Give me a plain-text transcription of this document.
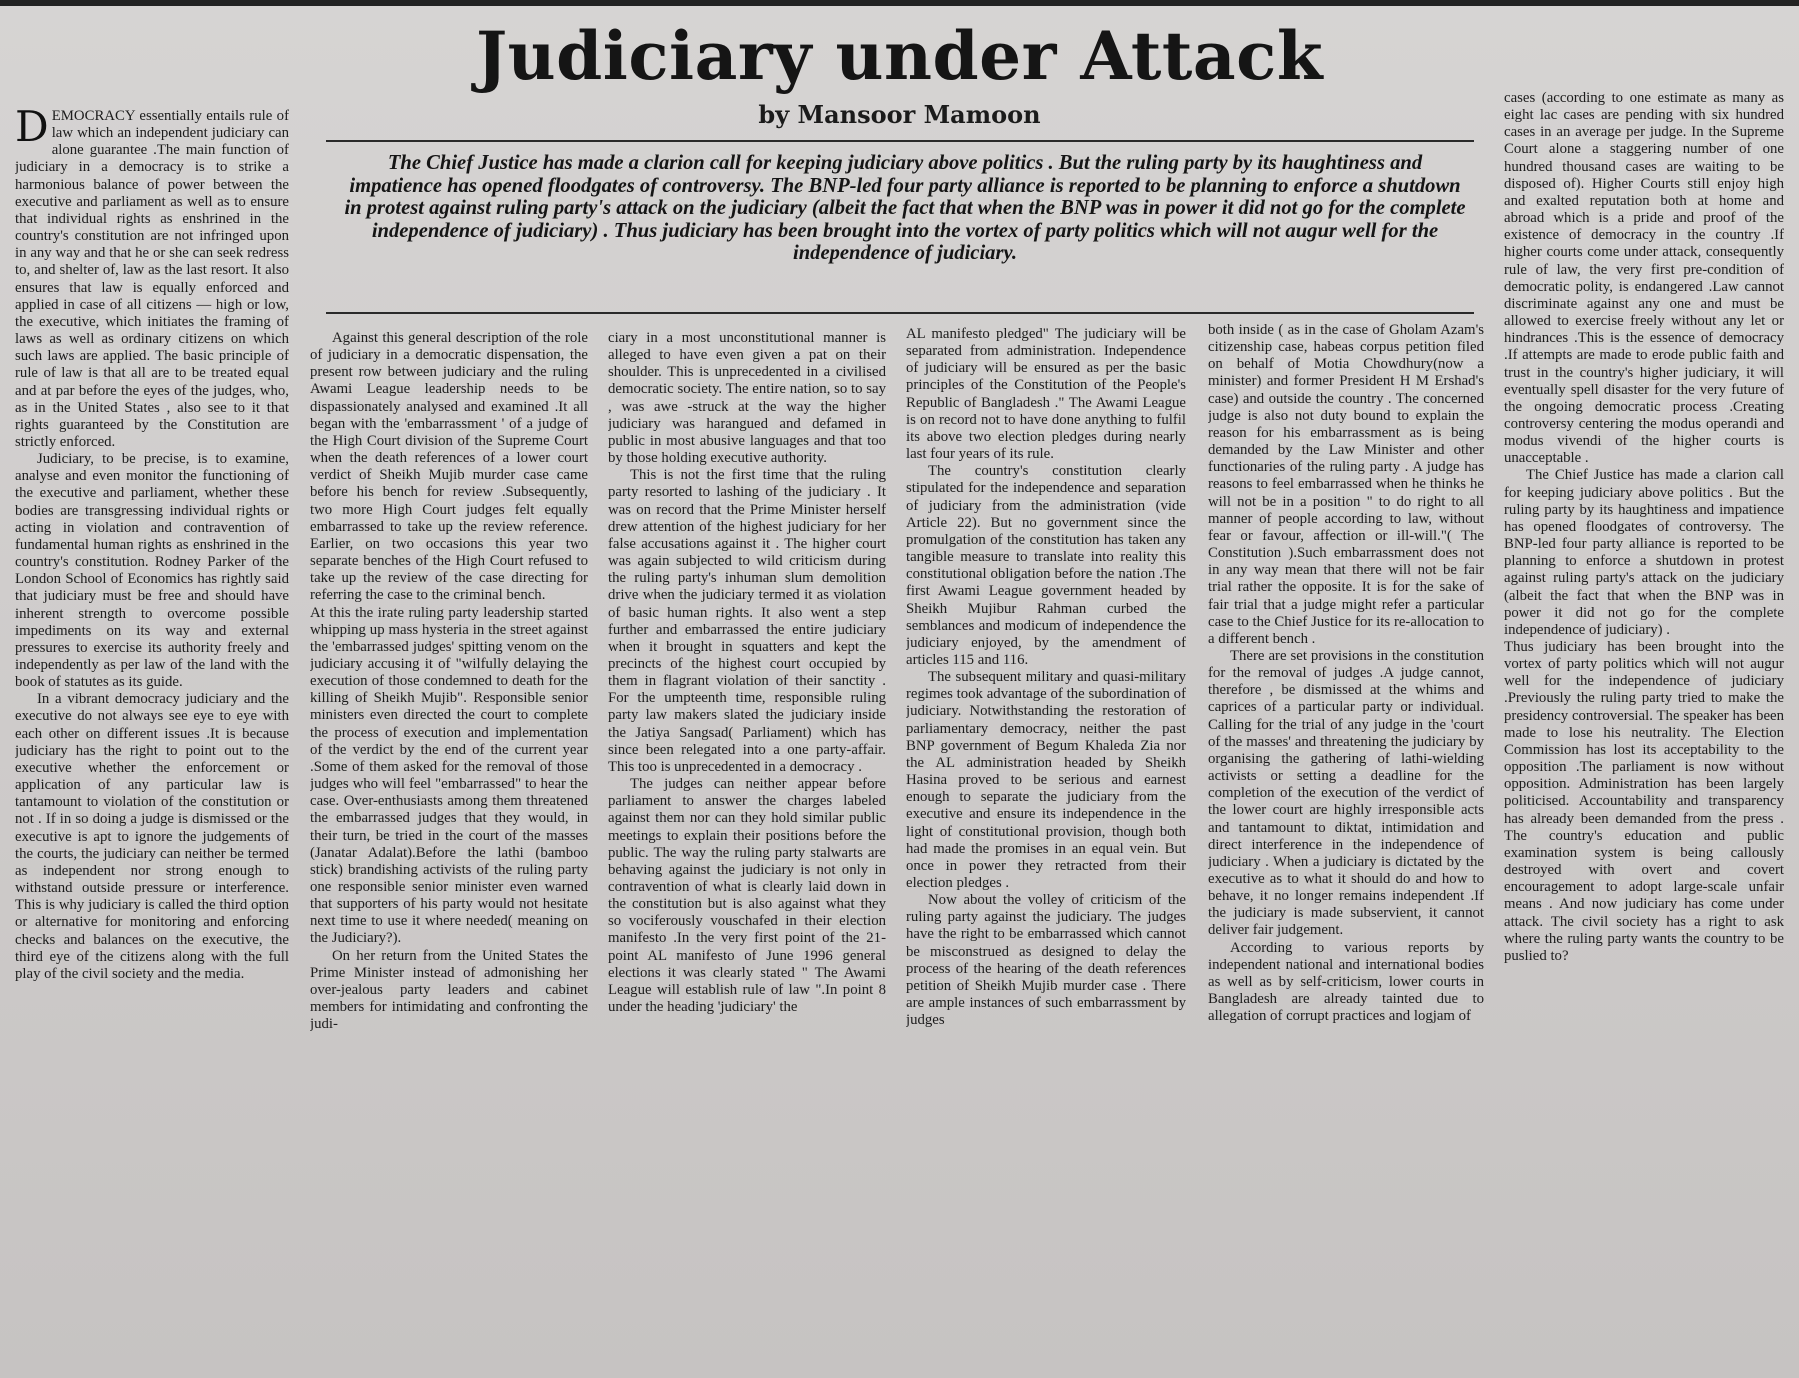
Judiciary under Attack
by Mansoor Mamoon
The Chief Justice has made a clarion call for keeping judiciary above politics . But the ruling party by its haughtiness and impatience has opened floodgates of controversy. The BNP-led four party alliance is reported to be planning to enforce a shutdown in protest against ruling party's attack on the judiciary (albeit the fact that when the BNP was in power it did not go for the complete independence of judiciary) . Thus judiciary has been brought into the vortex of party politics which will not augur well for the independence of judiciary.

DEMOCRACY essentially entails rule of law which an independent judiciary can alone guarantee .The main function of judiciary in a democracy is to strike a harmonious balance of power between the executive and parliament as well as to ensure that individual rights as enshrined in the country's constitution are not infringed upon in any way and that he or she can seek redress to, and shelter of, law as the last resort. It also ensures that law is equally enforced and applied in case of all citizens — high or low, the executive, which initiates the framing of laws as well as ordinary citizens on which such laws are applied. The basic principle of rule of law is that all are to be treated equal and at par before the eyes of the judges, who, as in the United States , also see to it that rights guaranteed by the Constitution are strictly enforced.

Judiciary, to be precise, is to examine, analyse and even monitor the functioning of the executive and parliament, whether these bodies are transgressing individual rights or acting in violation and contravention of fundamental human rights as enshrined in the country's constitution. Rodney Parker of the London School of Economics has rightly said that judiciary must be free and should have inherent strength to overcome possible impediments on its way and external pressures to exercise its authority freely and independently as per law of the land with the book of statutes as its guide.

In a vibrant democracy judiciary and the executive do not always see eye to eye with each other on different issues .It is because judiciary has the right to point out to the executive whether the enforcement or application of any particular law is tantamount to violation of the constitution or not . If in so doing a judge is dismissed or the executive is apt to ignore the judgements of the courts, the judiciary can neither be termed as independent nor strong enough to withstand outside pressure or interference. This is why judiciary is called the third option or alternative for monitoring and enforcing checks and balances on the executive, the third eye of the citizens along with the full play of the civil society and the media.

Against this general description of the role of judiciary in a democratic dispensation, the present row between judiciary and the ruling Awami League leadership needs to be dispassionately analysed and examined .It all began with the 'embarrassment ' of a judge of the High Court division of the Supreme Court when the death references of a lower court verdict of Sheikh Mujib murder case came before his bench for review .Subsequently, two more High Court judges felt equally embarrassed to take up the review reference. Earlier, on two occasions this year two separate benches of the High Court refused to take up the review of the case directing for referring the case to the criminal bench.

At this the irate ruling party leadership started whipping up mass hysteria in the street against the 'embarrassed judges' spitting venom on the judiciary accusing it of "wilfully delaying the execution of those condemned to death for the killing of Sheikh Mujib". Responsible senior ministers even directed the court to complete the process of execution and implementation of the verdict by the end of the current year .Some of them asked for the removal of those judges who will feel "embarrassed" to hear the case. Over-enthusiasts among them threatened the embarrassed judges that they would, in their turn, be tried in the court of the masses (Janatar Adalat).Before the lathi (bamboo stick) brandishing activists of the ruling party one responsible senior minister even warned that supporters of his party would not hesitate next time to use it where needed( meaning on the Judiciary?).

On her return from the United States the Prime Minister instead of admonishing her over-jealous party leaders and cabinet members for intimidating and confronting the judi-

ciary in a most unconstitutional manner is alleged to have even given a pat on their shoulder. This is unprecedented in a civilised democratic society. The entire nation, so to say , was awe -struck at the way the higher judiciary was harangued and defamed in public in most abusive languages and that too by those holding executive authority.

This is not the first time that the ruling party resorted to lashing of the judiciary . It was on record that the Prime Minister herself drew attention of the highest judiciary for her false accusations against it . The higher court was again subjected to wild criticism during the ruling party's inhuman slum demolition drive when the judiciary termed it as violation of basic human rights. It also went a step further and embarrassed the entire judiciary when it brought in squatters and kept the precincts of the highest court occupied by them in flagrant violation of their sanctity . For the umpteenth time, responsible ruling party law makers slated the judiciary inside the Jatiya Sangsad( Parliament) which has since been relegated into a one party-affair. This too is unprecedented in a democracy .

The judges can neither appear before parliament to answer the charges labeled against them nor can they hold similar public meetings to explain their positions before the public. The way the ruling party stalwarts are behaving against the judiciary is not only in contravention of what is clearly laid down in the constitution but is also against what they so vociferously vouschafed in their election manifesto .In the very first point of the 21-point AL manifesto of June 1996 general elections it was clearly stated " The Awami League will establish rule of law ".In point 8 under the heading 'judiciary' the

AL manifesto pledged" The judiciary will be separated from administration. Independence of judiciary will be ensured as per the basic principles of the Constitution of the People's Republic of Bangladesh ." The Awami League is on record not to have done anything to fulfil its above two election pledges during nearly last four years of its rule.

The country's constitution clearly stipulated for the independence and separation of judiciary from the administration (vide Article 22). But no government since the promulgation of the constitution has taken any tangible measure to translate into reality this constitutional obligation before the nation .The first Awami League government headed by Sheikh Mujibur Rahman curbed the semblances and modicum of independence the judiciary enjoyed, by the amendment of articles 115 and 116.

The subsequent military and quasi-military regimes took advantage of the subordination of judiciary. Notwithstanding the restoration of parliamentary democracy, neither the past BNP government of Begum Khaleda Zia nor the AL administration headed by Sheikh Hasina proved to be serious and earnest enough to separate the judiciary from the executive and ensure its independence in the light of constitutional provision, though both had made the promises in an equal vein. But once in power they retracted from their election pledges .

Now about the volley of criticism of the ruling party against the judiciary. The judges have the right to be embarrassed which cannot be misconstrued as designed to delay the process of the hearing of the death references petition of Sheikh Mujib murder case . There are ample instances of such embarrassment by judges

both inside ( as in the case of Gholam Azam's citizenship case, habeas corpus petition filed on behalf of Motia Chowdhury(now a minister) and former President H M Ershad's case) and outside the country . The concerned judge is also not duty bound to explain the reason for his embarrassment as is being demanded by the Law Minister and other functionaries of the ruling party . A judge has reasons to feel embarrassed when he thinks he will not be in a position " to do right to all manner of people according to law, without fear or favour, affection or ill-will."( The Constitution ).Such embarrassment does not in any way mean that there will not be fair trial rather the opposite. It is for the sake of fair trial that a judge might refer a particular case to the Chief Justice for its re-allocation to a different bench .

There are set provisions in the constitution for the removal of judges .A judge cannot, therefore , be dismissed at the whims and caprices of a particular party or individual. Calling for the trial of any judge in the 'court of the masses' and threatening the judiciary by organising the gathering of lathi-wielding activists or setting a deadline for the completion of the execution of the verdict of the lower court are highly irresponsible acts and tantamount to diktat, intimidation and direct interference in the independence of judiciary . When a judiciary is dictated by the executive as to what it should do and how to behave, it no longer remains independent .If the judiciary is made subservient, it cannot deliver fair judgement.

According to various reports by independent national and international bodies as well as by self-criticism, lower courts in Bangladesh are already tainted due to allegation of corrupt practices and logjam of

cases (according to one estimate as many as eight lac cases are pending with six hundred cases in an average per judge. In the Supreme Court alone a staggering number of one hundred thousand cases are waiting to be disposed of). Higher Courts still enjoy high and exalted reputation both at home and abroad which is a pride and proof of the existence of democracy in the country .If higher courts come under attack, consequently rule of law, the very first pre-condition of democratic polity, is endangered .Law cannot discriminate against any one and must be allowed to exercise freely without any let or hindrances .This is the essence of democracy .If attempts are made to erode public faith and trust in the country's higher judiciary, it will eventually spell disaster for the very future of the ongoing democratic process .Creating controversy centering the modus operandi and modus vivendi of the higher courts is unacceptable .

The Chief Justice has made a clarion call for keeping judiciary above politics . But the ruling party by its haughtiness and impatience has opened floodgates of controversy. The BNP-led four party alliance is reported to be planning to enforce a shutdown in protest against ruling party's attack on the judiciary (albeit the fact that when the BNP was in power it did not go for the complete independence of judiciary) .

Thus judiciary has been brought into the vortex of party politics which will not augur well for the independence of judiciary .Previously the ruling party tried to make the presidency controversial. The speaker has been made to lose his neutrality. The Election Commission has lost its acceptability to the opposition .The parliament is now without opposition. Administration has been largely politicised. Accountability and transparency has already been demanded from the press . The country's education and public examination system is being callously destroyed with overt and covert encouragement to adopt large-scale unfair means . And now judiciary has come under attack. The civil society has a right to ask where the ruling party wants the country to be puslied to?
